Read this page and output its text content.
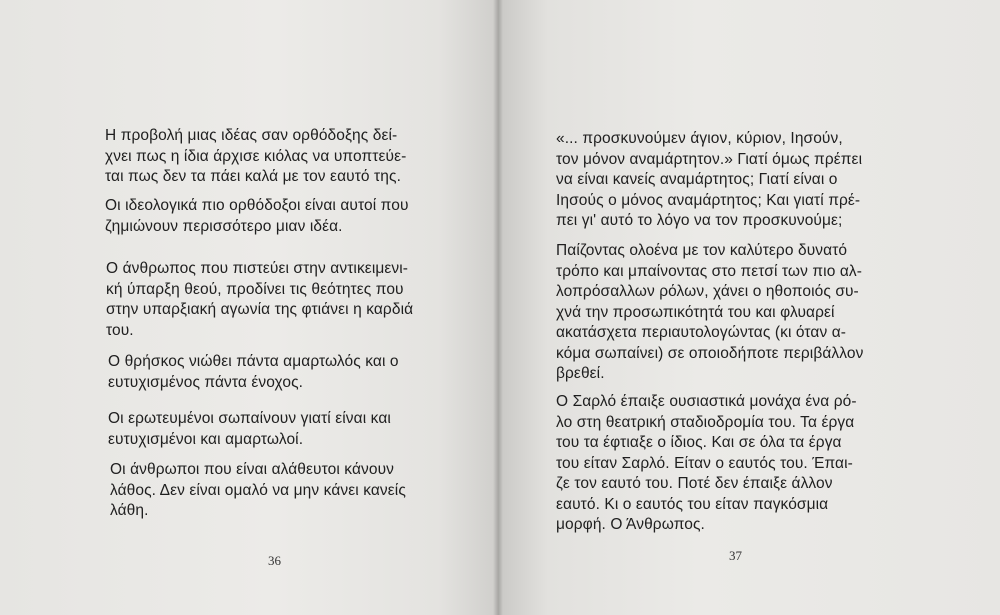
Η προβολή μιας ιδέας σαν ορθόδοξης δεί-
χνει πως η ίδια άρχισε κιόλας να υποπτεύε-
ται πως δεν τα πάει καλά με τον εαυτό της.

Οι ιδεολογικά πιο ορθόδοξοι είναι αυτοί που
ζημιώνουν περισσότερο μιαν ιδέα.

Ο άνθρωπος που πιστεύει στην αντικειμενι-
κή ύπαρξη θεού, προδίνει τις θεότητες που
στην υπαρξιακή αγωνία της φτιάνει η καρδιά
του.

Ο θρήσκος νιώθει πάντα αμαρτωλός και ο
ευτυχισμένος πάντα ένοχος.

Οι ερωτευμένοι σωπαίνουν γιατί είναι και
ευτυχισμένοι και αμαρτωλοί.

Οι άνθρωποι που είναι αλάθευτοι κάνουν
λάθος. Δεν είναι ομαλό να μην κάνει κανείς
λάθη.

36

«... προσκυνούμεν άγιον, κύριον, Ιησούν,
τον μόνον αναμάρτητον.» Γιατί όμως πρέπει
να είναι κανείς αναμάρτητος; Γιατί είναι ο
Ιησούς ο μόνος αναμάρτητος; Και γιατί πρέ-
πει γι' αυτό το λόγο να τον προσκυνούμε;

Παίζοντας ολοένα με τον καλύτερο δυνατό
τρόπο και μπαίνοντας στο πετσί των πιο αλ-
λοπρόσαλλων ρόλων, χάνει ο ηθοποιός συ-
χνά την προσωπικότητά του και φλυαρεί
ακατάσχετα περιαυτολογώντας (κι όταν α-
κόμα σωπαίνει) σε οποιοδήποτε περιβάλλον
βρεθεί.

Ο Σαρλό έπαιξε ουσιαστικά μονάχα ένα ρό-
λο στη θεατρική σταδιοδρομία του. Τα έργα
του τα έφτιαξε ο ίδιος. Και σε όλα τα έργα
του είταν Σαρλό. Είταν ο εαυτός του. Έπαι-
ζε τον εαυτό του. Ποτέ δεν έπαιξε άλλον
εαυτό. Κι ο εαυτός του είταν παγκόσμια
μορφή. Ο Άνθρωπος.

37
